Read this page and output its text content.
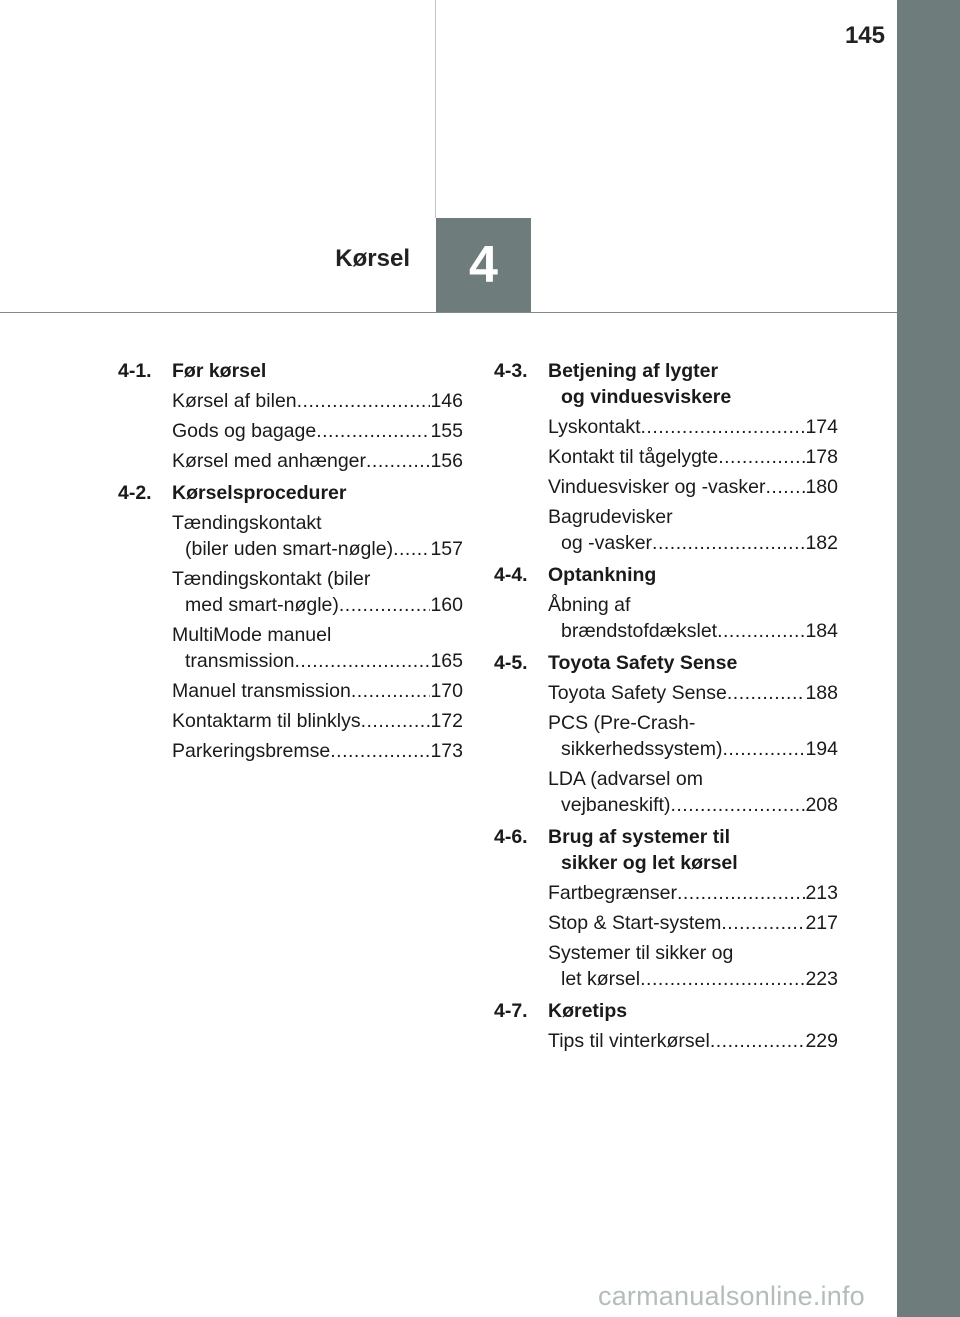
145
Kørsel 4
4-1.	Før kørsel
Kørsel af bilen .....	146
Gods og bagage .....	155
Kørsel med anhænger .....	156
4-2.	Kørselsprocedurer
Tændingskontakt
(biler uden smart-nøgle) ..... 157
Tændingskontakt (biler
med smart-nøgle) .....	160
MultiMode manuel
transmission .....	165
Manuel transmission .....	170
Kontaktarm til blinklys .....	172
Parkeringsbremse .....	173
4-3.	Betjening af lygter
og vinduesviskere
Lyskontakt .....	174
Kontakt til tågelygte .....	178
Vinduesvisker og -vasker ..... 180
Bagrudevisker
og -vasker .....	182
4-4.	Optankning
Åbning af
brændstofdækslet .....	184
4-5.	Toyota Safety Sense
Toyota Safety Sense .....	188
PCS (Pre-Crash-
sikkerhedssystem) .....	194
LDA (advarsel om
vejbaneskift) .....	208
4-6.	Brug af systemer til
sikker og let kørsel
Fartbegrænser .....	213
Stop & Start-system .....	217
Systemer til sikker og
let kørsel .....	223
4-7.	Køretips
Tips til vinterkørsel .....	229
carmanualsonline.info
